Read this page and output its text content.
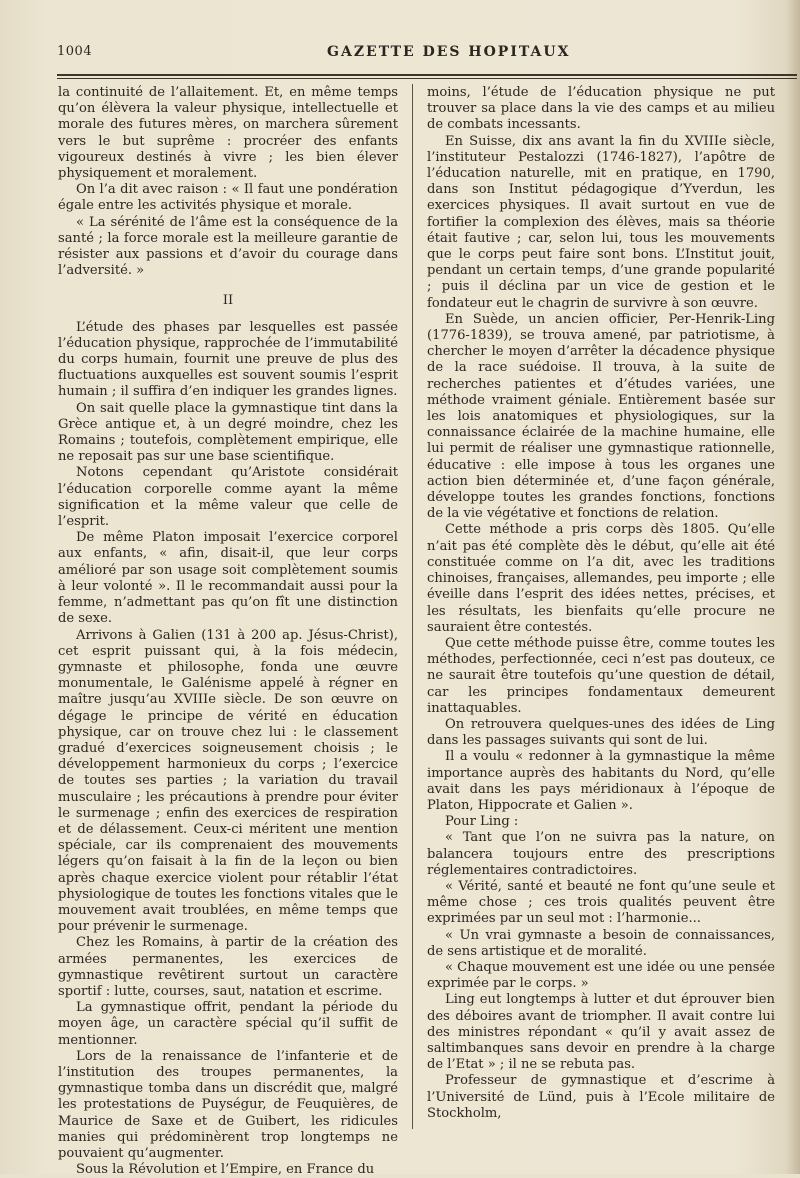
1004	GAZETTE DES HOPITAUX

la continuité de l’allaitement. Et, en même temps qu’on élèvera la valeur physique, intellectuelle et morale des futures mères, on marchera sûrement vers le but suprême : procréer des enfants vigoureux destinés à vivre ; les bien élever physiquement et moralement.

On l’a dit avec raison : « Il faut une pondération égale entre les activités physique et morale.

« La sérénité de l’âme est la conséquence de la santé ; la force morale est la meilleure garantie de résister aux passions et d’avoir du courage dans l’adversité. »

II

L’étude des phases par lesquelles est passée l’éducation physique, rapprochée de l’immutabilité du corps humain, fournit une preuve de plus des fluctuations auxquelles est souvent soumis l’esprit humain ; il suffira d’en indiquer les grandes lignes.

On sait quelle place la gymnastique tint dans la Grèce antique et, à un degré moindre, chez les Romains ; toutefois, complètement empirique, elle ne reposait pas sur une base scientifique.

Notons cependant qu’Aristote considérait l’éducation corporelle comme ayant la même signification et la même valeur que celle de l’esprit.

De même Platon imposait l’exercice corporel aux enfants, « afin, disait-il, que leur corps amélioré par son usage soit complètement soumis à leur volonté ». Il le recommandait aussi pour la femme, n’admettant pas qu’on fît une distinction de sexe.

Arrivons à Galien (131 à 200 ap. Jésus-Christ), cet esprit puissant qui, à la fois médecin, gymnaste et philosophe, fonda une œuvre monumentale, le Galénisme appelé à régner en maître jusqu’au XVIIIe siècle. De son œuvre on dégage le principe de vérité en éducation physique, car on trouve chez lui : le classement gradué d’exercices soigneusement choisis ; le développement harmonieux du corps ; l’exercice de toutes ses parties ; la variation du travail musculaire ; les précautions à prendre pour éviter le surmenage ; enfin des exercices de respiration et de délassement. Ceux-ci méritent une mention spéciale, car ils comprenaient des mouvements légers qu’on faisait à la fin de la leçon ou bien après chaque exercice violent pour rétablir l’état physiologique de toutes les fonctions vitales que le mouvement avait troublées, en même temps que pour prévenir le surmenage.

Chez les Romains, à partir de la création des armées permanentes, les exercices de gymnastique revêtirent surtout un caractère sportif : lutte, courses, saut, natation et escrime.

La gymnastique offrit, pendant la période du moyen âge, un caractère spécial qu’il suffit de mentionner.

Lors de la renaissance de l’infanterie et de l’institution des troupes permanentes, la gymnastique tomba dans un discrédit que, malgré les protestations de Puységur, de Feuquières, de Maurice de Saxe et de Guibert, les ridicules manies qui prédominèrent trop longtemps ne pouvaient qu’augmenter.

Sous la Révolution et l’Empire, en France du

moins, l’étude de l’éducation physique ne put trouver sa place dans la vie des camps et au milieu de combats incessants.

En Suisse, dix ans avant la fin du XVIIIe siècle, l’instituteur Pestalozzi (1746-1827), l’apôtre de l’éducation naturelle, mit en pratique, en 1790, dans son Institut pédagogique d’Yverdun, les exercices physiques. Il avait surtout en vue de fortifier la complexion des élèves, mais sa théorie était fautive ; car, selon lui, tous les mouvements que le corps peut faire sont bons. L’Institut jouit, pendant un certain temps, d’une grande popularité ; puis il déclina par un vice de gestion et le fondateur eut le chagrin de survivre à son œuvre.

En Suède, un ancien officier, Per-Henrik-Ling (1776-1839), se trouva amené, par patriotisme, à chercher le moyen d’arrêter la décadence physique de la race suédoise. Il trouva, à la suite de recherches patientes et d’études variées, une méthode vraiment géniale. Entièrement basée sur les lois anatomiques et physiologiques, sur la connaissance éclairée de la machine humaine, elle lui permit de réaliser une gymnastique rationnelle, éducative : elle impose à tous les organes une action bien déterminée et, d’une façon générale, développe toutes les grandes fonctions, fonctions de la vie végétative et fonctions de relation.

Cette méthode a pris corps dès 1805. Qu’elle n’ait pas été complète dès le début, qu’elle ait été constituée comme on l’a dit, avec les traditions chinoises, françaises, allemandes, peu importe ; elle éveille dans l’esprit des idées nettes, précises, et les résultats, les bienfaits qu’elle procure ne sauraient être contestés.

Que cette méthode puisse être, comme toutes les méthodes, perfectionnée, ceci n’est pas douteux, ce ne saurait être toutefois qu’une question de détail, car les principes fondamentaux demeurent inattaquables.

On retrouvera quelques-unes des idées de Ling dans les passages suivants qui sont de lui.

Il a voulu « redonner à la gymnastique la même importance auprès des habitants du Nord, qu’elle avait dans les pays méridionaux à l’époque de Platon, Hippocrate et Galien ».

Pour Ling :

« Tant que l’on ne suivra pas la nature, on balancera toujours entre des prescriptions réglementaires contradictoires.

« Vérité, santé et beauté ne font qu’une seule et même chose ; ces trois qualités peuvent être exprimées par un seul mot : l’harmonie...

« Un vrai gymnaste a besoin de connaissances, de sens artistique et de moralité.

« Chaque mouvement est une idée ou une pensée exprimée par le corps. »

Ling eut longtemps à lutter et dut éprouver bien des déboires avant de triompher. Il avait contre lui des ministres répondant « qu’il y avait assez de saltimbanques sans devoir en prendre à la charge de l’Etat » ; il ne se rebuta pas.

Professeur de gymnastique et d’escrime à l’Université de Lünd, puis à l’Ecole militaire de Stockholm,
